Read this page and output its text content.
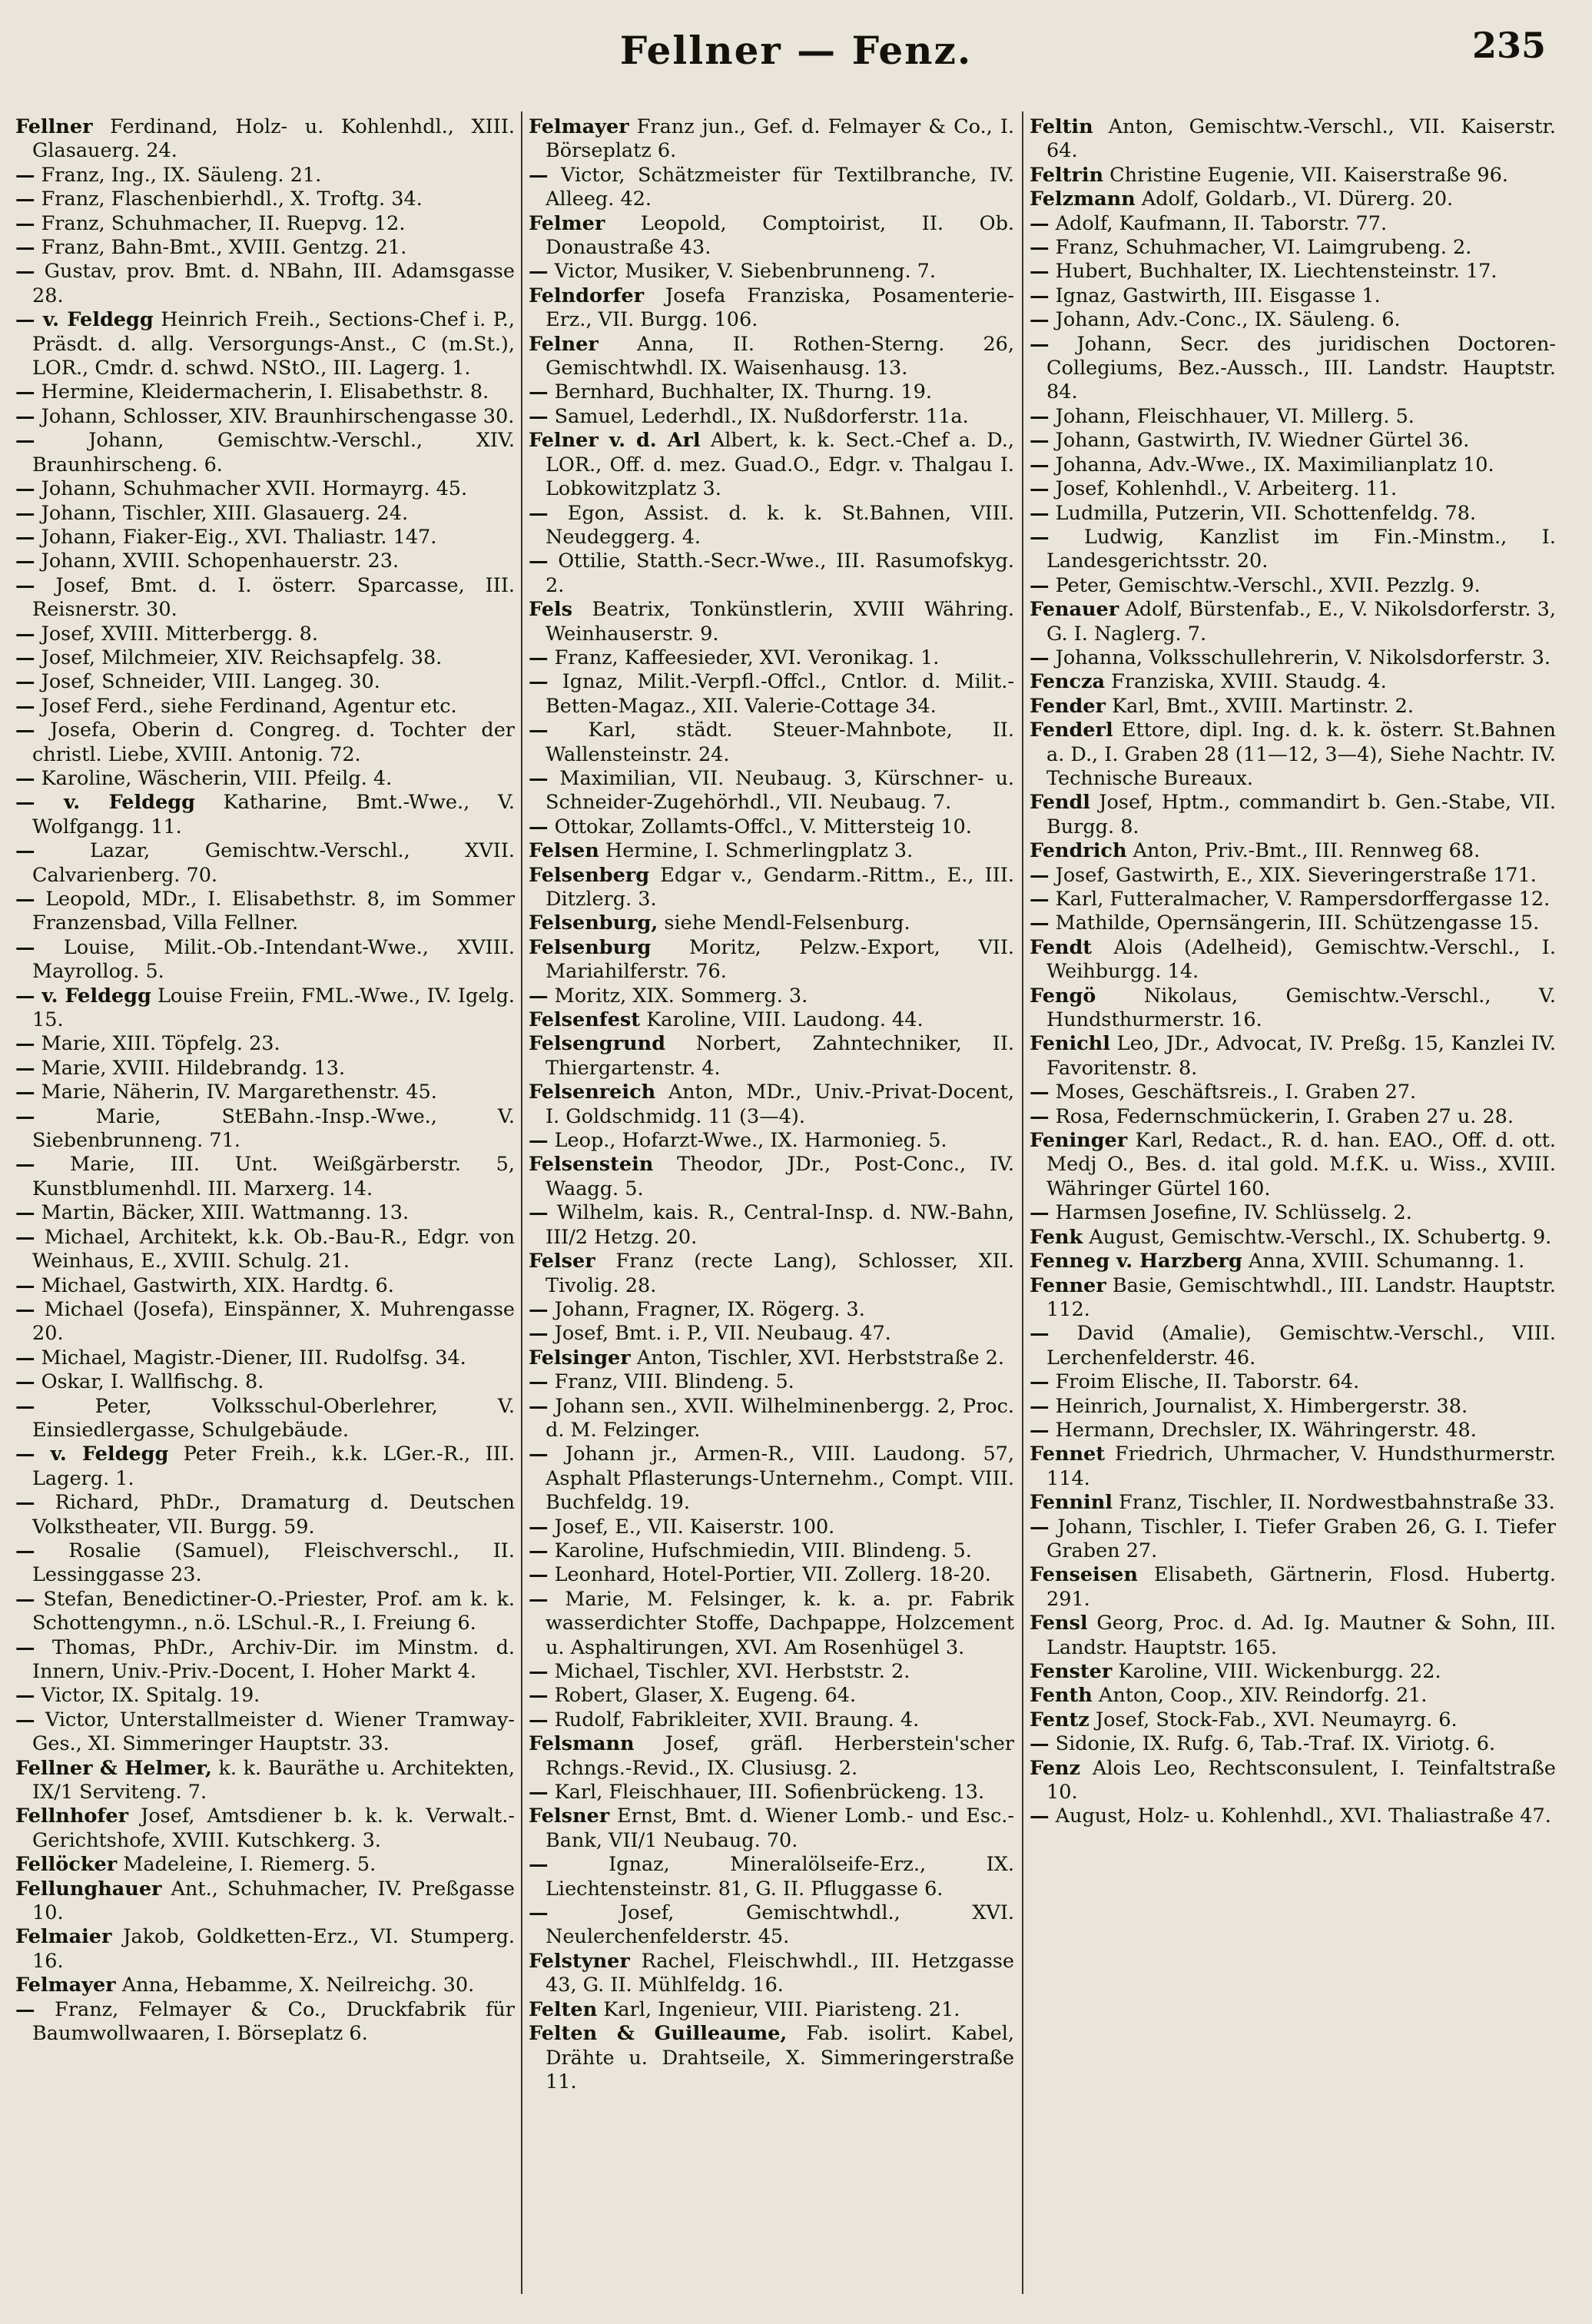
Fellner — Fenz.	235

Fellner Ferdinand, Holz- u. Kohlenhdl., XIII. Glasauerg. 24.

— Franz, Ing., IX. Säuleng. 21.

— Franz, Flaschenbierhdl., X. Troftg. 34.

— Franz, Schuhmacher, II. Ruepvg. 12.

— Franz, Bahn-Bmt., XVIII. Gentzg. 21.

— Gustav, prov. Bmt. d. NBahn, III. Adamsgasse 28.

— v. Feldegg Heinrich Freih., Sections-Chef i. P., Präsdt. d. allg. Versorgungs-Anst., C (m.St.), LOR., Cmdr. d. schwd. NStO., III. Lagerg. 1.

— Hermine, Kleidermacherin, I. Elisabethstr. 8.

— Johann, Schlosser, XIV. Braunhirschengasse 30.

—	Johann, Gemischtw.-Verschl., XIV. Braunhirscheng. 6.

— Johann, Schuhmacher XVII. Hormayrg. 45.

— Johann, Tischler, XIII. Glasauerg. 24.

— Johann, Fiaker-Eig., XVI. Thaliastr. 147.

— Johann, XVIII. Schopenhauerstr. 23.

— Josef, Bmt. d. I. österr. Sparcasse, III. Reisnerstr. 30.

— Josef, XVIII. Mitterbergg. 8.

— Josef, Milchmeier, XIV. Reichsapfelg. 38.

— Josef, Schneider, VIII. Langeg. 30.

— Josef Ferd., siehe Ferdinand, Agentur etc.

— Josefa, Oberin d. Congreg. d. Tochter der christl. Liebe, XVIII. Antonig. 72.

— Karoline, Wäscherin, VIII. Pfeilg. 4.

— v. Feldegg Katharine, Bmt.-Wwe., V. Wolfgangg. 11.

—	Lazar, Gemischtw.-Verschl., XVII. Calvarienberg. 70.

— Leopold, MDr., I. Elisabethstr. 8, im Sommer Franzensbad, Villa Fellner.

— Louise, Milit.-Ob.-Intendant-Wwe., XVIII. Mayrollog. 5.

— v. Feldegg Louise Freiin, FML.-Wwe., IV. Igelg. 15.

— Marie, XIII. Töpfelg. 23.

— Marie, XVIII. Hildebrandg. 13.

— Marie, Näherin, IV. Margarethenstr. 45.

—	Marie, StEBahn.-Insp.-Wwe., V. Siebenbrunneng. 71.

— Marie, III. Unt. Weißgärberstr. 5, Kunstblumenhdl. III. Marxerg. 14.

— Martin, Bäcker, XIII. Wattmanng. 13.

— Michael, Architekt, k.k. Ob.-Bau-R., Edgr. von Weinhaus, E., XVIII. Schulg. 21.

— Michael, Gastwirth, XIX. Hardtg. 6.

— Michael (Josefa), Einspänner, X. Muhrengasse 20.

— Michael, Magistr.-Diener, III. Rudolfsg. 34.

— Oskar, I. Wallfischg. 8.

—	Peter, Volksschul-Oberlehrer, V. Einsiedlergasse, Schulgebäude.

— v. Feldegg Peter Freih., k.k. LGer.-R., III. Lagerg. 1.

— Richard, PhDr., Dramaturg d. Deutschen Volkstheater, VII. Burgg. 59.

— Rosalie (Samuel), Fleischverschl., II. Lessinggasse 23.

— Stefan, Benedictiner-O.-Priester, Prof. am k. k. Schottengymn., n.ö. LSchul.-R., I. Freiung 6.

— Thomas, PhDr., Archiv-Dir. im Minstm. d. Innern, Univ.-Priv.-Docent, I. Hoher Markt 4.

— Victor, IX. Spitalg. 19.

— Victor, Unterstallmeister d. Wiener Tramway-Ges., XI. Simmeringer Hauptstr. 33.

Fellner & Helmer, k. k. Bauräthe u. Architekten, IX/1 Serviteng. 7.

Fellnhofer Josef, Amtsdiener b. k. k. Verwalt.-Gerichtshofe, XVIII. Kutschkerg. 3.

Fellöcker Madeleine, I. Riemerg. 5.

Fellunghauer Ant., Schuhmacher, IV. Preßgasse 10.

Felmaier Jakob, Goldketten-Erz., VI. Stumperg. 16.

Felmayer Anna, Hebamme, X. Neilreichg. 30.

— Franz, Felmayer & Co., Druckfabrik für Baumwollwaaren, I. Börseplatz 6.

Felmayer Franz jun., Gef. d. Felmayer & Co., I. Börseplatz 6.

— Victor, Schätzmeister für Textilbranche, IV. Alleeg. 42.

Felmer Leopold, Comptoirist, II. Ob. Donaustraße 43.

— Victor, Musiker, V. Siebenbrunneng. 7.

Felndorfer Josefa Franziska, Posamenterie-Erz., VII. Burgg. 106.

Felner Anna, II. Rothen-Sterng. 26, Gemischtwhdl. IX. Waisenhausg. 13.

— Bernhard, Buchhalter, IX. Thurng. 19.

— Samuel, Lederhdl., IX. Nußdorferstr. 11a.

Felner v. d. Arl Albert, k. k. Sect.-Chef a. D., LOR., Off. d. mez. Guad.O., Edgr. v. Thalgau I. Lobkowitzplatz 3.

— Egon, Assist. d. k. k. St.Bahnen, VIII. Neudeggerg. 4.

— Ottilie, Statth.-Secr.-Wwe., III. Rasumofskyg. 2.

Fels Beatrix, Tonkünstlerin, XVIII Währing. Weinhauserstr. 9.

— Franz, Kaffeesieder, XVI. Veronikag. 1.

— Ignaz, Milit.-Verpfl.-Offcl., Cntlor. d. Milit.-Betten-Magaz., XII. Valerie-Cottage 34.

— Karl, städt. Steuer-Mahnbote, II. Wallensteinstr. 24.

— Maximilian, VII. Neubaug. 3, Kürschner- u. Schneider-Zugehörhdl., VII. Neubaug. 7.

— Ottokar, Zollamts-Offcl., V. Mittersteig 10.

Felsen Hermine, I. Schmerlingplatz 3.

Felsenberg Edgar v., Gendarm.-Rittm., E., III. Ditzlerg. 3.

Felsenburg, siehe Mendl-Felsenburg.

Felsenburg Moritz, Pelzw.-Export, VII. Mariahilferstr. 76.

— Moritz, XIX. Sommerg. 3.

Felsenfest Karoline, VIII. Laudong. 44.

Felsengrund Norbert, Zahntechniker, II. Thiergartenstr. 4.

Felsenreich Anton, MDr., Univ.-Privat-Docent, I. Goldschmidg. 11 (3—4).

— Leop., Hofarzt-Wwe., IX. Harmonieg. 5.

Felsenstein Theodor, JDr., Post-Conc., IV. Waagg. 5.

— Wilhelm, kais. R., Central-Insp. d. NW.-Bahn, III/2 Hetzg. 20.

Felser Franz (recte Lang), Schlosser, XII. Tivolig. 28.

— Johann, Fragner, IX. Rögerg. 3.

— Josef, Bmt. i. P., VII. Neubaug. 47.

Felsinger Anton, Tischler, XVI. Herbststraße 2.

— Franz, VIII. Blindeng. 5.

— Johann sen., XVII. Wilhelminenbergg. 2, Proc. d. M. Felzinger.

— Johann jr., Armen-R., VIII. Laudong. 57, Asphalt Pflasterungs-Unternehm., Compt. VIII. Buchfeldg. 19.

— Josef, E., VII. Kaiserstr. 100.

— Karoline, Hufschmiedin, VIII. Blindeng. 5.

— Leonhard, Hotel-Portier, VII. Zollerg. 18-20.

— Marie, M. Felsinger, k. k. a. pr. Fabrik wasserdichter Stoffe, Dachpappe, Holzcement u. Asphaltirungen, XVI. Am Rosenhügel 3.

— Michael, Tischler, XVI. Herbststr. 2.

— Robert, Glaser, X. Eugeng. 64.

— Rudolf, Fabrikleiter, XVII. Braung. 4.

Felsmann Josef, gräfl. Herberstein'scher Rchngs.-Revid., IX. Clusiusg. 2.

— Karl, Fleischhauer, III. Sofienbrückeng. 13.

Felsner Ernst, Bmt. d. Wiener Lomb.- und Esc.-Bank, VII/1 Neubaug. 70.

—	Ignaz, Mineralölseife-Erz., IX. Liechtensteinstr. 81, G. II. Pfluggasse 6.

—	Josef, Gemischtwhdl., XVI. Neulerchenfelderstr. 45.

Felstyner Rachel, Fleischwhdl., III. Hetzgasse 43, G. II. Mühlfeldg. 16.

Felten Karl, Ingenieur, VIII. Piaristeng. 21.

Felten & Guilleaume, Fab. isolirt. Kabel, Drähte u. Drahtseile, X. Simmeringerstraße 11.

Feltin Anton, Gemischtw.-Verschl., VII. Kaiserstr. 64.

Feltrin Christine Eugenie, VII. Kaiserstraße 96.

Felzmann Adolf, Goldarb., VI. Dürerg. 20.

— Adolf, Kaufmann, II. Taborstr. 77.

— Franz, Schuhmacher, VI. Laimgrubeng. 2.

— Hubert, Buchhalter, IX. Liechtensteinstr. 17.

— Ignaz, Gastwirth, III. Eisgasse 1.

— Johann, Adv.-Conc., IX. Säuleng. 6.

— Johann, Secr. des juridischen Doctoren-Collegiums, Bez.-Aussch., III. Landstr. Hauptstr. 84.

— Johann, Fleischhauer, VI. Millerg. 5.

— Johann, Gastwirth, IV. Wiedner Gürtel 36.

— Johanna, Adv.-Wwe., IX. Maximilianplatz 10.

— Josef, Kohlenhdl., V. Arbeiterg. 11.

— Ludmilla, Putzerin, VII. Schottenfeldg. 78.

— Ludwig, Kanzlist im Fin.-Minstm., I. Landesgerichtsstr. 20.

— Peter, Gemischtw.-Verschl., XVII. Pezzlg. 9.

Fenauer Adolf, Bürstenfab., E., V. Nikolsdorferstr. 3, G. I. Naglerg. 7.

— Johanna, Volksschullehrerin, V. Nikolsdorferstr. 3.

Fencza Franziska, XVIII. Staudg. 4.

Fender Karl, Bmt., XVIII. Martinstr. 2.

Fenderl Ettore, dipl. Ing. d. k. k. österr. St.Bahnen a. D., I. Graben 28 (11—12, 3—4), Siehe Nachtr. IV. Technische Bureaux.

Fendl Josef, Hptm., commandirt b. Gen.-Stabe, VII. Burgg. 8.

Fendrich Anton, Priv.-Bmt., III. Rennweg 68.

— Josef, Gastwirth, E., XIX. Sieveringerstraße 171.

— Karl, Futteralmacher, V. Rampersdorffergasse 12.

— Mathilde, Opernsängerin, III. Schützengasse 15.

Fendt Alois (Adelheid), Gemischtw.-Verschl., I. Weihburgg. 14.

Fengö Nikolaus, Gemischtw.-Verschl., V. Hundsthurmerstr. 16.

Fenichl Leo, JDr., Advocat, IV. Preßg. 15, Kanzlei IV. Favoritenstr. 8.

— Moses, Geschäftsreis., I. Graben 27.

— Rosa, Federnschmückerin, I. Graben 27 u. 28.

Feninger Karl, Redact., R. d. han. EAO., Off. d. ott. Medj O., Bes. d. ital gold. M.f.K. u. Wiss., XVIII. Währinger Gürtel 160.

— Harmsen Josefine, IV. Schlüsselg. 2.

Fenk August, Gemischtw.-Verschl., IX. Schubertg. 9.

Fenneg v. Harzberg Anna, XVIII. Schumanng. 1.

Fenner Basie, Gemischtwhdl., III. Landstr. Hauptstr. 112.

— David (Amalie), Gemischtw.-Verschl., VIII. Lerchenfelderstr. 46.

— Froim Elische, II. Taborstr. 64.

— Heinrich, Journalist, X. Himbergerstr. 38.

— Hermann, Drechsler, IX. Währingerstr. 48.

Fennet Friedrich, Uhrmacher, V. Hundsthurmerstr. 114.

Fenninl Franz, Tischler, II. Nordwestbahnstraße 33.

— Johann, Tischler, I. Tiefer Graben 26, G. I. Tiefer Graben 27.

Fenseisen Elisabeth, Gärtnerin, Flosd. Hubertg. 291.

Fensl Georg, Proc. d. Ad. Ig. Mautner & Sohn, III. Landstr. Hauptstr. 165.

Fenster Karoline, VIII. Wickenburgg. 22.

Fenth Anton, Coop., XIV. Reindorfg. 21.

Fentz Josef, Stock-Fab., XVI. Neumayrg. 6.

— Sidonie, IX. Rufg. 6, Tab.-Traf. IX. Viriotg. 6.

Fenz Alois Leo, Rechtsconsulent, I. Teinfaltstraße 10.

— August, Holz- u. Kohlenhdl., XVI. Thaliastraße 47.
